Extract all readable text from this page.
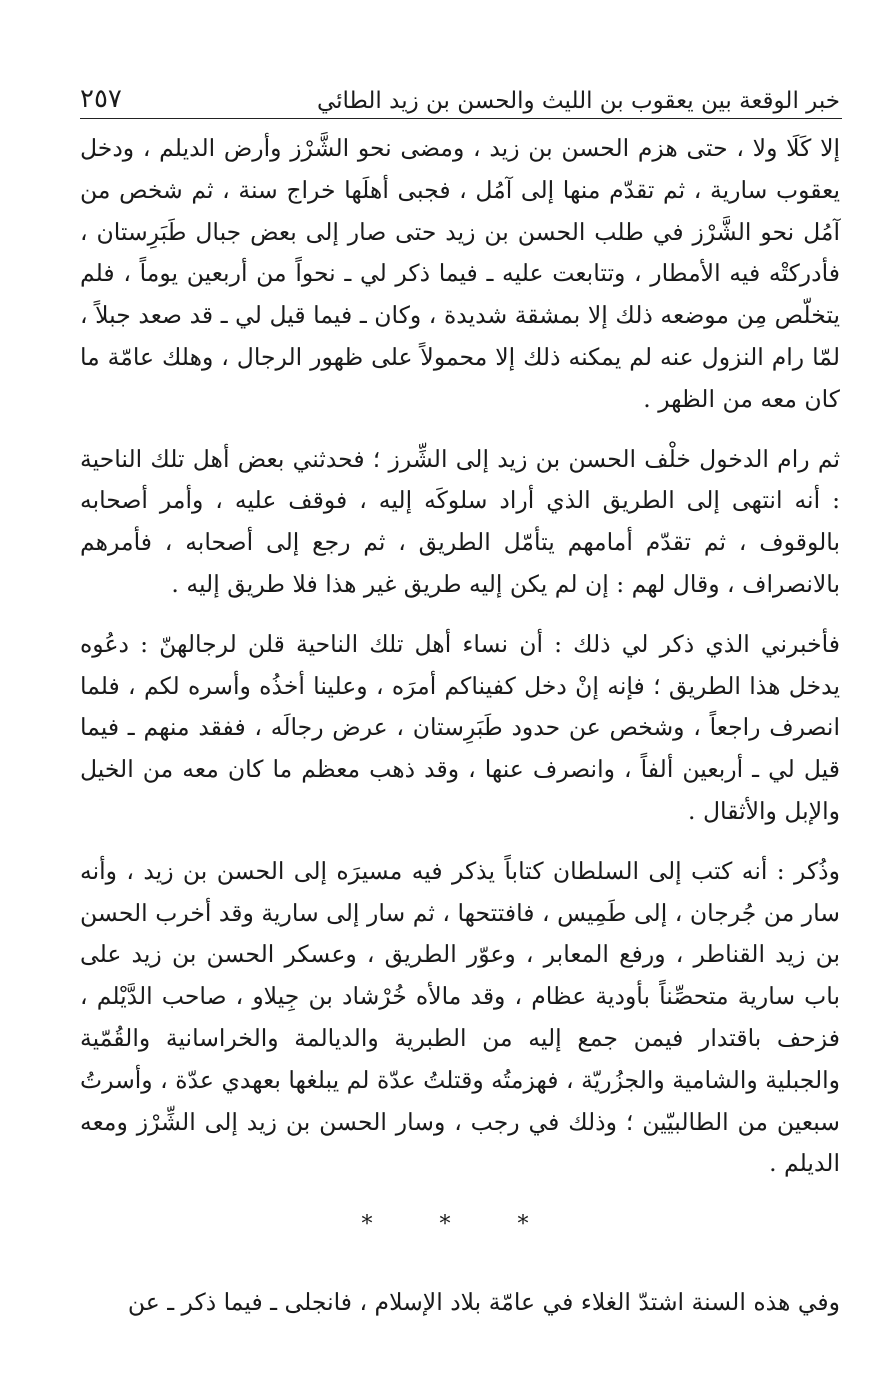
٢٥٧	خبر الوقعة بين يعقوب بن الليث والحسن بن زيد الطائي

إلا كَلَا ولا ، حتى هزم الحسن بن زيد ، ومضى نحو الشَّرْز وأرض الديلم ، ودخل يعقوب سارية ، ثم تقدّم منها إلى آمُل ، فجبى أهلَها خراج سنة ، ثم شخص من آمُل نحو الشَّرْز في طلب الحسن بن زيد حتى صار إلى بعض جبال طَبَرِستان ، فأدركتْه فيه الأمطار ، وتتابعت عليه ـ فيما ذكر لي ـ نحواً من أربعين يوماً ، فلم يتخلّص مِن موضعه ذلك إلا بمشقة شديدة ، وكان ـ فيما قيل لي ـ قد صعد جبلاً ، لمّا رام النزول عنه لم يمكنه ذلك إلا محمولاً على ظهور الرجال ، وهلك عامّة ما كان معه من الظهر .

ثم رام الدخول خلْف الحسن بن زيد إلى الشِّرز ؛ فحدثني بعض أهل تلك الناحية : أنه انتهى إلى الطريق الذي أراد سلوكَه إليه ، فوقف عليه ، وأمر أصحابه بالوقوف ، ثم تقدّم أمامهم يتأمّل الطريق ، ثم رجع إلى أصحابه ، فأمرهم بالانصراف ، وقال لهم : إن لم يكن إليه طريق غير هذا فلا طريق إليه .

فأخبرني الذي ذكر لي ذلك : أن نساء أهل تلك الناحية قلن لرجالهنّ : دعُوه يدخل هذا الطريق ؛ فإنه إنْ دخل كفيناكم أمرَه ، وعلينا أخذُه وأسره لكم ، فلما انصرف راجعاً ، وشخص عن حدود طَبَرِستان ، عرض رجالَه ، ففقد منهم ـ فيما قيل لي ـ أربعين ألفاً ، وانصرف عنها ، وقد ذهب معظم ما كان معه من الخيل والإبل والأثقال .

وذُكر : أنه كتب إلى السلطان كتاباً يذكر فيه مسيرَه إلى الحسن بن زيد ، وأنه سار من جُرجان ، إلى طَمِيس ، فافتتحها ، ثم سار إلى سارية وقد أخرب الحسن بن زيد القناطر ، ورفع المعابر ، وعوّر الطريق ، وعسكر الحسن بن زيد على باب سارية متحصِّناً بأودية عظام ، وقد مالأه خُرْشاد بن جِيلاو ، صاحب الدَّيْلم ، فزحف باقتدار فيمن جمع إليه من الطبرية والديالمة والخراسانية والقُمّية والجبلية والشامية والجزُريّة ، فهزمتُه وقتلتُ عدّة لم يبلغها بعهدي عدّة ، وأسرتُ سبعين من الطالبيّين ؛ وذلك في رجب ، وسار الحسن بن زيد إلى الشِّرْز ومعه الديلم .

* * *
وفي هذه السنة اشتدّ الغلاء في عامّة بلاد الإسلام ، فانجلى ـ فيما ذكر ـ عن
